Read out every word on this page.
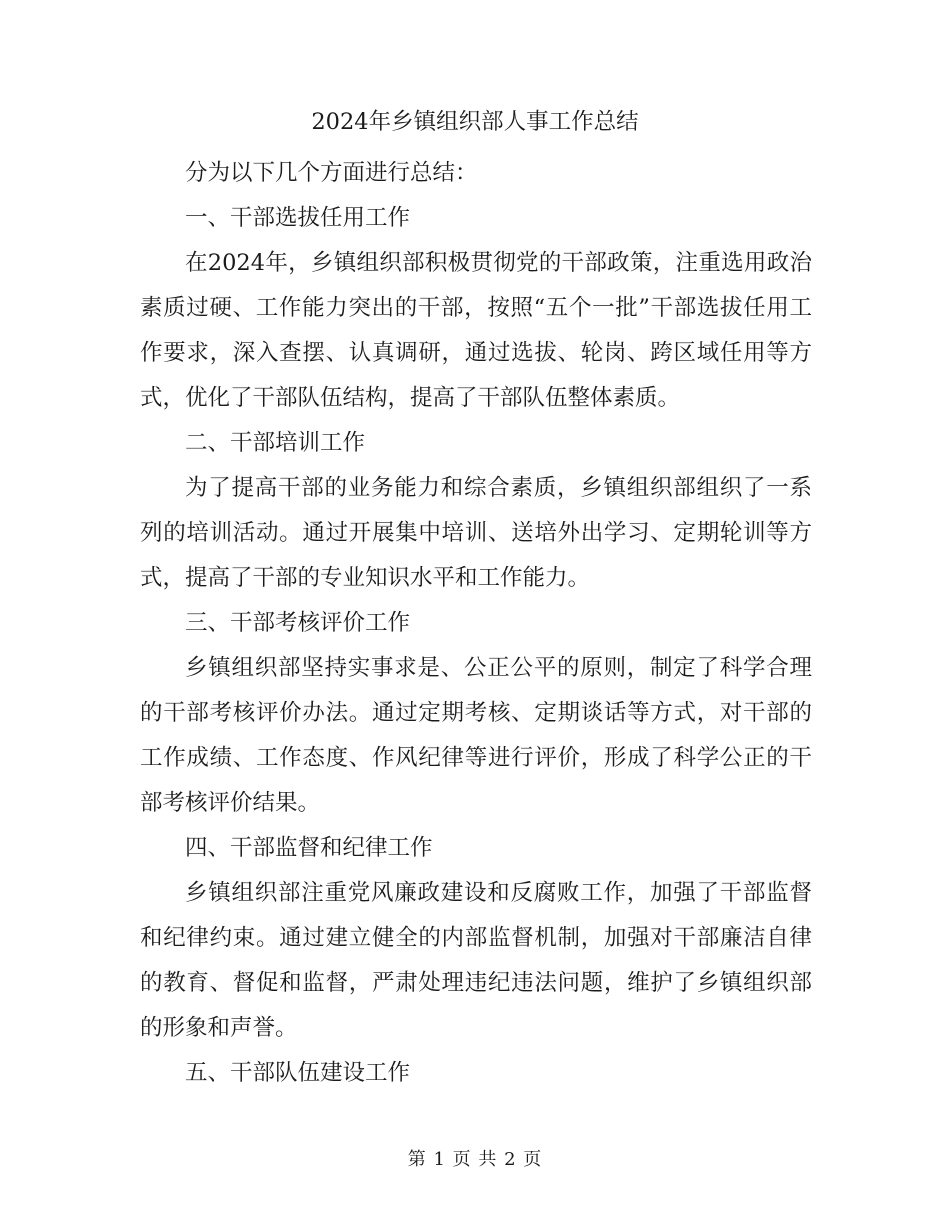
2024年乡镇组织部人事工作总结

分为以下几个方面进行总结：

一、干部选拔任用工作

在2024年，乡镇组织部积极贯彻党的干部政策，注重选用政治素质过硬、工作能力突出的干部，按照“五个一批”干部选拔任用工作要求，深入查摆、认真调研，通过选拔、轮岗、跨区域任用等方式，优化了干部队伍结构，提高了干部队伍整体素质。

二、干部培训工作

为了提高干部的业务能力和综合素质，乡镇组织部组织了一系列的培训活动。通过开展集中培训、送培外出学习、定期轮训等方式，提高了干部的专业知识水平和工作能力。

三、干部考核评价工作

乡镇组织部坚持实事求是、公正公平的原则，制定了科学合理的干部考核评价办法。通过定期考核、定期谈话等方式，对干部的工作成绩、工作态度、作风纪律等进行评价，形成了科学公正的干部考核评价结果。

四、干部监督和纪律工作

乡镇组织部注重党风廉政建设和反腐败工作，加强了干部监督和纪律约束。通过建立健全的内部监督机制，加强对干部廉洁自律的教育、督促和监督，严肃处理违纪违法问题，维护了乡镇组织部的形象和声誉。

五、干部队伍建设工作

第 1 页 共 2 页
